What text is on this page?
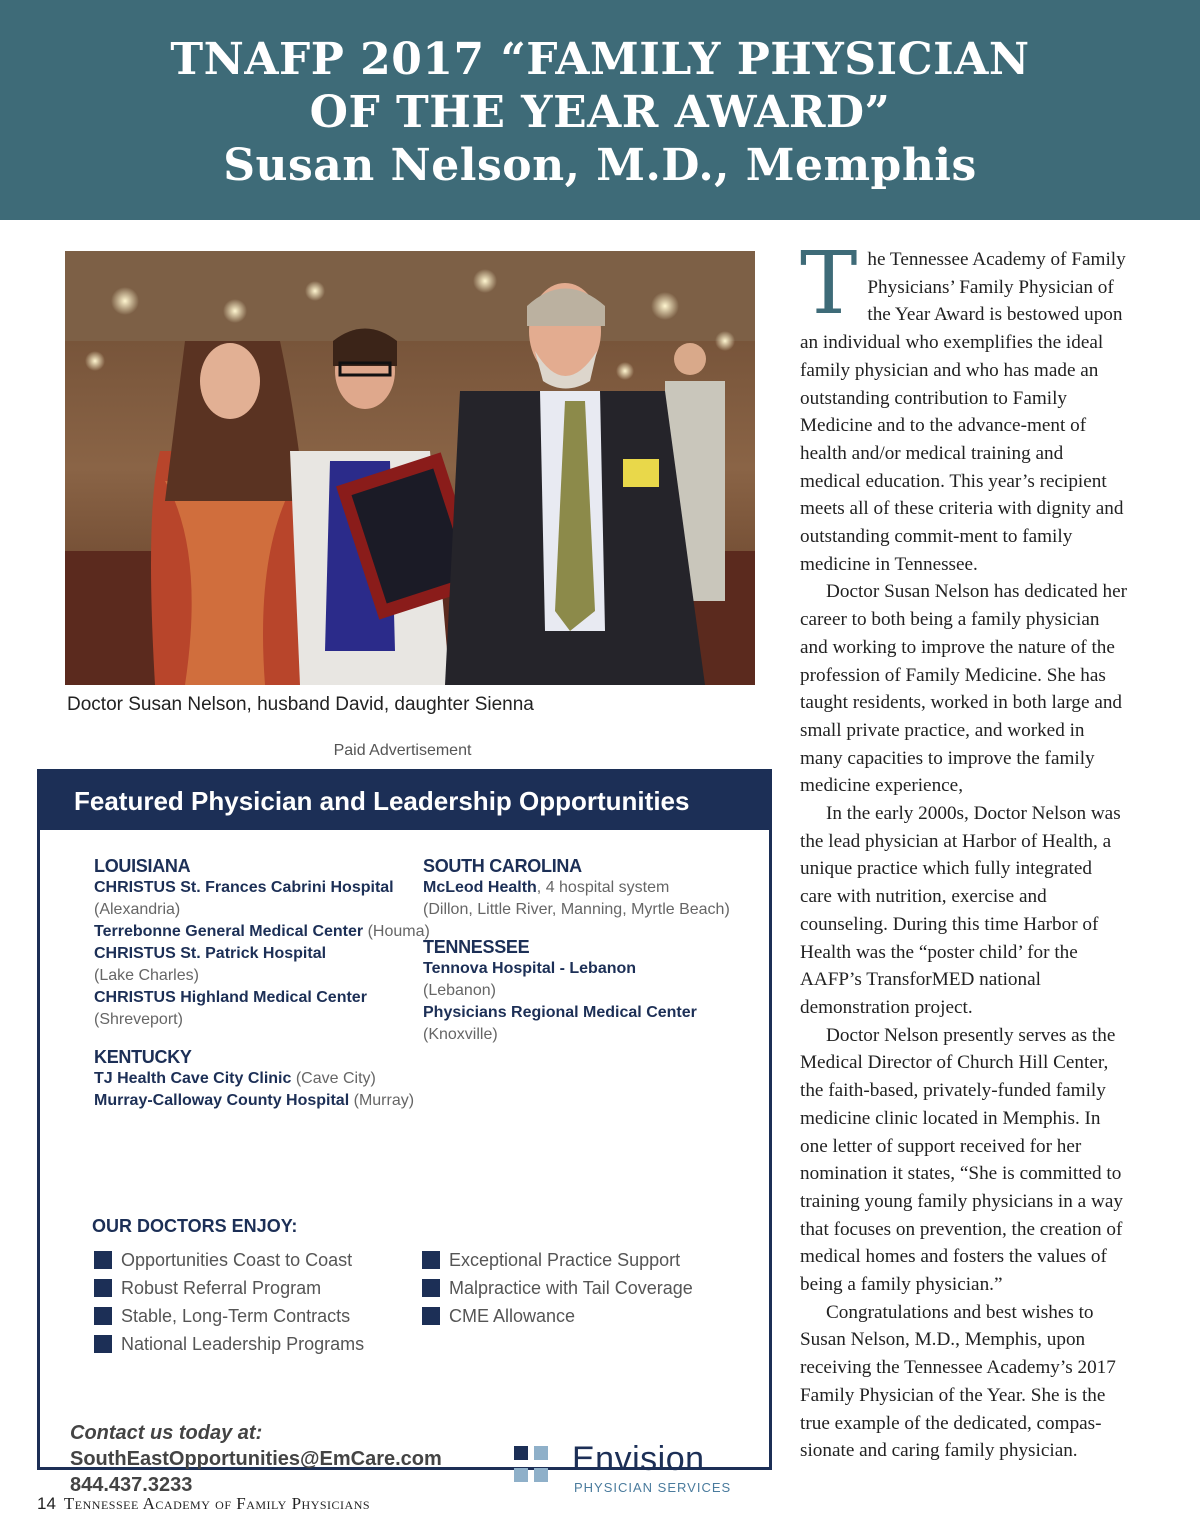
TNAFP 2017 “FAMILY PHYSICIAN
OF THE YEAR AWARD”
Susan Nelson, M.D., Memphis
Doctor Susan Nelson, husband David, daughter Sienna
Paid Advertisement
Featured Physician and Leadership Opportunities
LOUISIANA
CHRISTUS St. Frances Cabrini Hospital
(Alexandria)
Terrebonne General Medical Center (Houma)
CHRISTUS St. Patrick Hospital
(Lake Charles)
CHRISTUS Highland Medical Center
(Shreveport)
KENTUCKY
TJ Health Cave City Clinic (Cave City)
Murray-Calloway County Hospital (Murray)
SOUTH CAROLINA
McLeod Health, 4 hospital system
(Dillon, Little River, Manning, Myrtle Beach)
TENNESSEE
Tennova Hospital - Lebanon
(Lebanon)
Physicians Regional Medical Center
(Knoxville)
OUR DOCTORS ENJOY:
Opportunities Coast to Coast
Robust Referral Program
Stable, Long-Term Contracts
National Leadership Programs
Exceptional Practice Support
Malpractice with Tail Coverage
CME Allowance
Contact us today at:
SouthEastOpportunities@EmCare.com
844.437.3233
Envision
PHYSICIAN SERVICES

The Tennessee Academy of Family Physicians’ Family Physician of the Year Award is bestowed upon an individual who exemplifies the ideal family physician and who has made an outstanding contribution to Family Medicine and to the advance-ment of health and/or medical training and medical education. This year’s recipient meets all of these criteria with dignity and outstanding commit-ment to family medicine in Tennessee.

Doctor Susan Nelson has dedicated her career to both being a family physician and working to improve the nature of the profession of Family Medicine. She has taught residents, worked in both large and small private practice, and worked in many capacities to improve the family medicine experience,

In the early 2000s, Doctor Nelson was the lead physician at Harbor of Health, a unique practice which fully integrated care with nutrition, exercise and counseling. During this time Harbor of Health was the “poster child’ for the AAFP’s TransforMED national demonstration project.

Doctor Nelson presently serves as the Medical Director of Church Hill Center, the faith-based, privately-funded family medicine clinic located in Memphis. In one letter of support received for her nomination it states, “She is committed to training young family physicians in a way that focuses on prevention, the creation of medical homes and fosters the values of being a family physician.”

Congratulations and best wishes to Susan Nelson, M.D., Memphis, upon receiving the Tennessee Academy’s 2017 Family Physician of the Year. She is the true example of the dedicated, compas-sionate and caring family physician.

14 Tennessee Academy of Family Physicians
